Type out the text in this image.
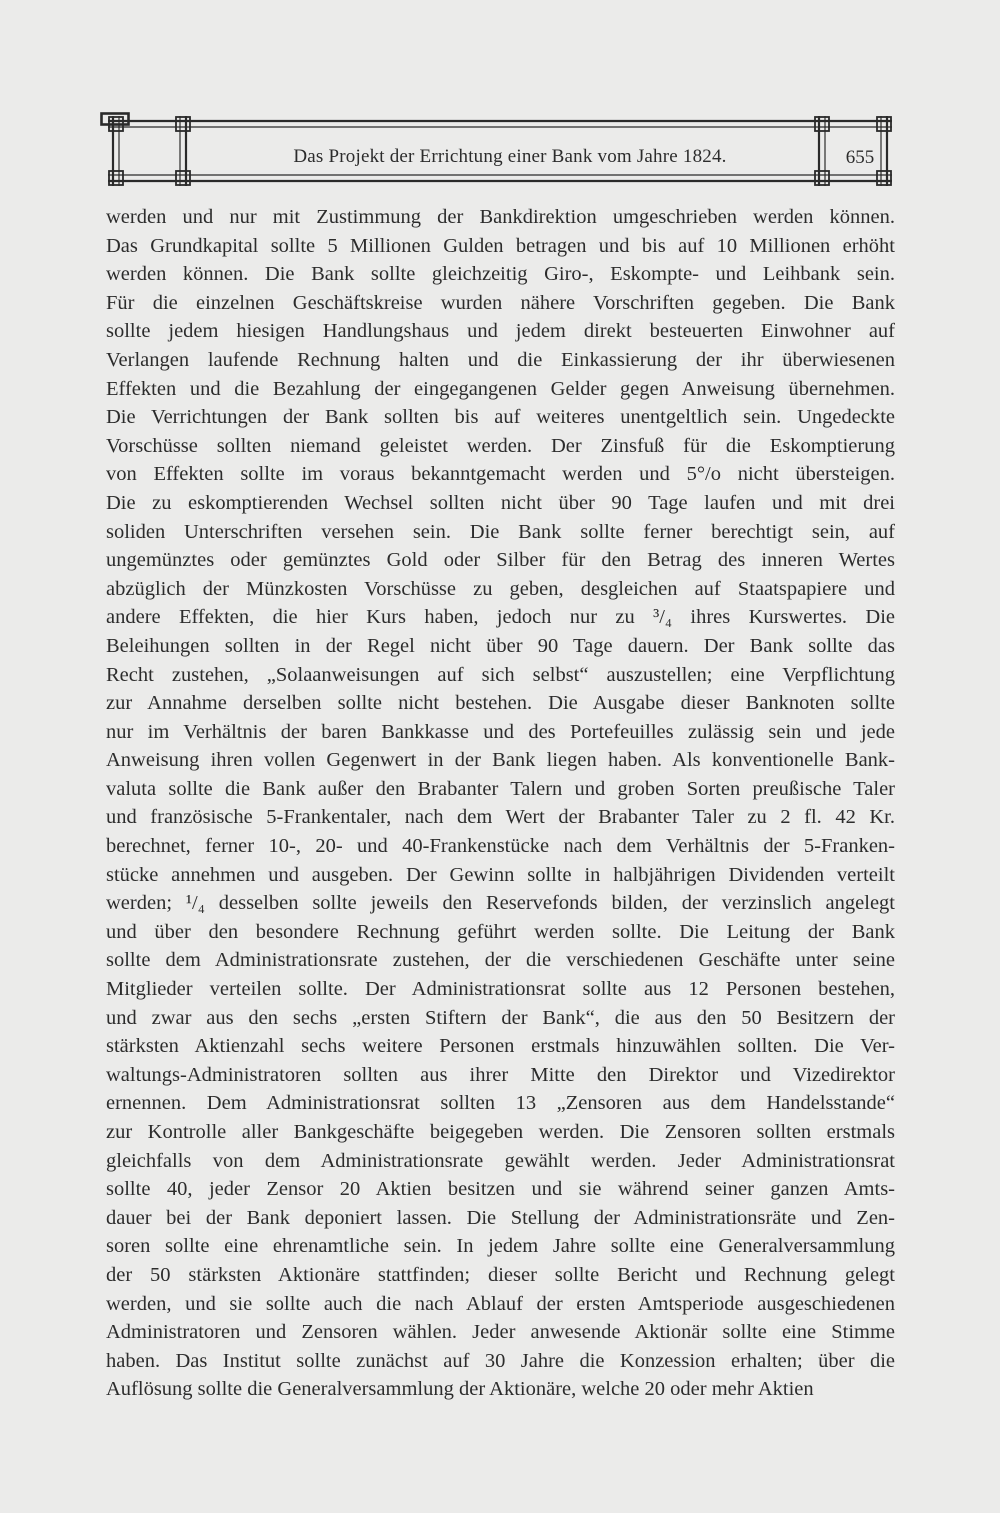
Das Projekt der Errichtung einer Bank vom Jahre 1824.	655
werden und nur mit Zustimmung der Bankdirektion umgeschrieben werden können.
Das Grundkapital sollte 5 Millionen Gulden betragen und bis auf 10 Millionen erhöht
werden können. Die Bank sollte gleichzeitig Giro-, Eskompte- und Leihbank sein.
Für die einzelnen Geschäftskreise wurden nähere Vorschriften gegeben. Die Bank
sollte jedem hiesigen Handlungshaus und jedem direkt besteuerten Einwohner auf
Verlangen laufende Rechnung halten und die Einkassierung der ihr überwiesenen
Effekten und die Bezahlung der eingegangenen Gelder gegen Anweisung übernehmen.
Die Verrichtungen der Bank sollten bis auf weiteres unentgeltlich sein. Ungedeckte
Vorschüsse sollten niemand geleistet werden. Der Zinsfuß für die Eskomptierung
von Effekten sollte im voraus bekanntgemacht werden und 5°/o nicht übersteigen.
Die zu eskomptierenden Wechsel sollten nicht über 90 Tage laufen und mit drei
soliden Unterschriften versehen sein. Die Bank sollte ferner berechtigt sein, auf
ungemünztes oder gemünztes Gold oder Silber für den Betrag des inneren Wertes
abzüglich der Münzkosten Vorschüsse zu geben, desgleichen auf Staatspapiere und
andere Effekten, die hier Kurs haben, jedoch nur zu ³/₄ ihres Kurswertes. Die
Beleihungen sollten in der Regel nicht über 90 Tage dauern. Der Bank sollte das
Recht zustehen, „Solaanweisungen auf sich selbst“ auszustellen; eine Verpflichtung
zur Annahme derselben sollte nicht bestehen. Die Ausgabe dieser Banknoten sollte
nur im Verhältnis der baren Bankkasse und des Portefeuilles zulässig sein und jede
Anweisung ihren vollen Gegenwert in der Bank liegen haben. Als konventionelle Bank-
valuta sollte die Bank außer den Brabanter Talern und groben Sorten preußische Taler
und französische 5-Frankentaler, nach dem Wert der Brabanter Taler zu 2 fl. 42 Kr.
berechnet, ferner 10-, 20- und 40-Frankenstücke nach dem Verhältnis der 5-Franken-
stücke annehmen und ausgeben. Der Gewinn sollte in halbjährigen Dividenden verteilt
werden; ¹/₄ desselben sollte jeweils den Reservefonds bilden, der verzinslich angelegt
und über den besondere Rechnung geführt werden sollte. Die Leitung der Bank
sollte dem Administrationsrate zustehen, der die verschiedenen Geschäfte unter seine
Mitglieder verteilen sollte. Der Administrationsrat sollte aus 12 Personen bestehen,
und zwar aus den sechs „ersten Stiftern der Bank“, die aus den 50 Besitzern der
stärksten Aktienzahl sechs weitere Personen erstmals hinzuwählen sollten. Die Ver-
waltungs-Administratoren sollten aus ihrer Mitte den Direktor und Vizedirektor
ernennen. Dem Administrationsrat sollten 13 „Zensoren aus dem Handelsstande“
zur Kontrolle aller Bankgeschäfte beigegeben werden. Die Zensoren sollten erstmals
gleichfalls von dem Administrationsrate gewählt werden. Jeder Administrationsrat
sollte 40, jeder Zensor 20 Aktien besitzen und sie während seiner ganzen Amts-
dauer bei der Bank deponiert lassen. Die Stellung der Administrationsräte und Zen-
soren sollte eine ehrenamtliche sein. In jedem Jahre sollte eine Generalversammlung
der 50 stärksten Aktionäre stattfinden; dieser sollte Bericht und Rechnung gelegt
werden, und sie sollte auch die nach Ablauf der ersten Amtsperiode ausgeschiedenen
Administratoren und Zensoren wählen. Jeder anwesende Aktionär sollte eine Stimme
haben. Das Institut sollte zunächst auf 30 Jahre die Konzession erhalten; über die
Auflösung sollte die Generalversammlung der Aktionäre, welche 20 oder mehr Aktien
